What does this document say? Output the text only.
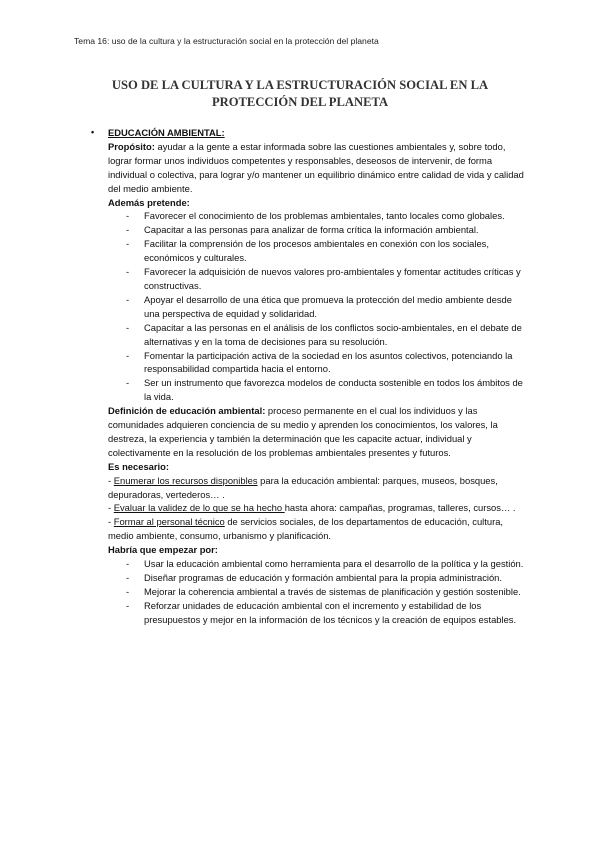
Tema 16: uso de la cultura y la estructuración social en la protección del planeta
USO DE LA CULTURA Y LA ESTRUCTURACIÓN SOCIAL EN LA
PROTECCIÓN DEL PLANETA
• EDUCACIÓN AMBIENTAL:

Propósito: ayudar a la gente a estar informada sobre las cuestiones ambientales y, sobre todo, lograr formar unos individuos competentes y responsables, deseosos de intervenir, de forma individual o colectiva, para lograr y/o mantener un equilibrio dinámico entre calidad de vida y calidad del medio ambiente.

Además pretende:

- Favorecer el conocimiento de los problemas ambientales, tanto locales como globales.
- Capacitar a las personas para analizar de forma crítica la información ambiental.
- Facilitar la comprensión de los procesos ambientales en conexión con los sociales, económicos y culturales.
- Favorecer la adquisición de nuevos valores pro-ambientales y fomentar actitudes críticas y constructivas.
- Apoyar el desarrollo de una ética que promueva la protección del medio ambiente desde una perspectiva de equidad y solidaridad.
- Capacitar a las personas en el análisis de los conflictos socio-ambientales, en el debate de alternativas y en la toma de decisiones para su resolución.
- Fomentar la participación activa de la sociedad en los asuntos colectivos, potenciando la responsabilidad compartida hacia el entorno.
- Ser un instrumento que favorezca modelos de conducta sostenible en todos los ámbitos de la vida.

Definición de educación ambiental: proceso permanente en el cual los individuos y las comunidades adquieren conciencia de su medio y aprenden los conocimientos, los valores, la destreza, la experiencia y también la determinación que les capacite actuar, individual y colectivamente en la resolución de los problemas ambientales presentes y futuros.

Es necesario:

- Enumerar los recursos disponibles para la educación ambiental: parques, museos, bosques, depuradoras, vertederos… .

- Evaluar la validez de lo que se ha hecho hasta ahora: campañas, programas, talleres, cursos… .

- Formar al personal técnico de servicios sociales, de los departamentos de educación, cultura, medio ambiente, consumo, urbanismo y planificación.

Habría que empezar por:

- Usar la educación ambiental como herramienta para el desarrollo de la política y la gestión.
- Diseñar programas de educación y formación ambiental para la propia administración.
- Mejorar la coherencia ambiental a través de sistemas de planificación y gestión sostenible.
- Reforzar unidades de educación ambiental con el incremento y estabilidad de los presupuestos y mejor en la información de los técnicos y la creación de equipos estables.
